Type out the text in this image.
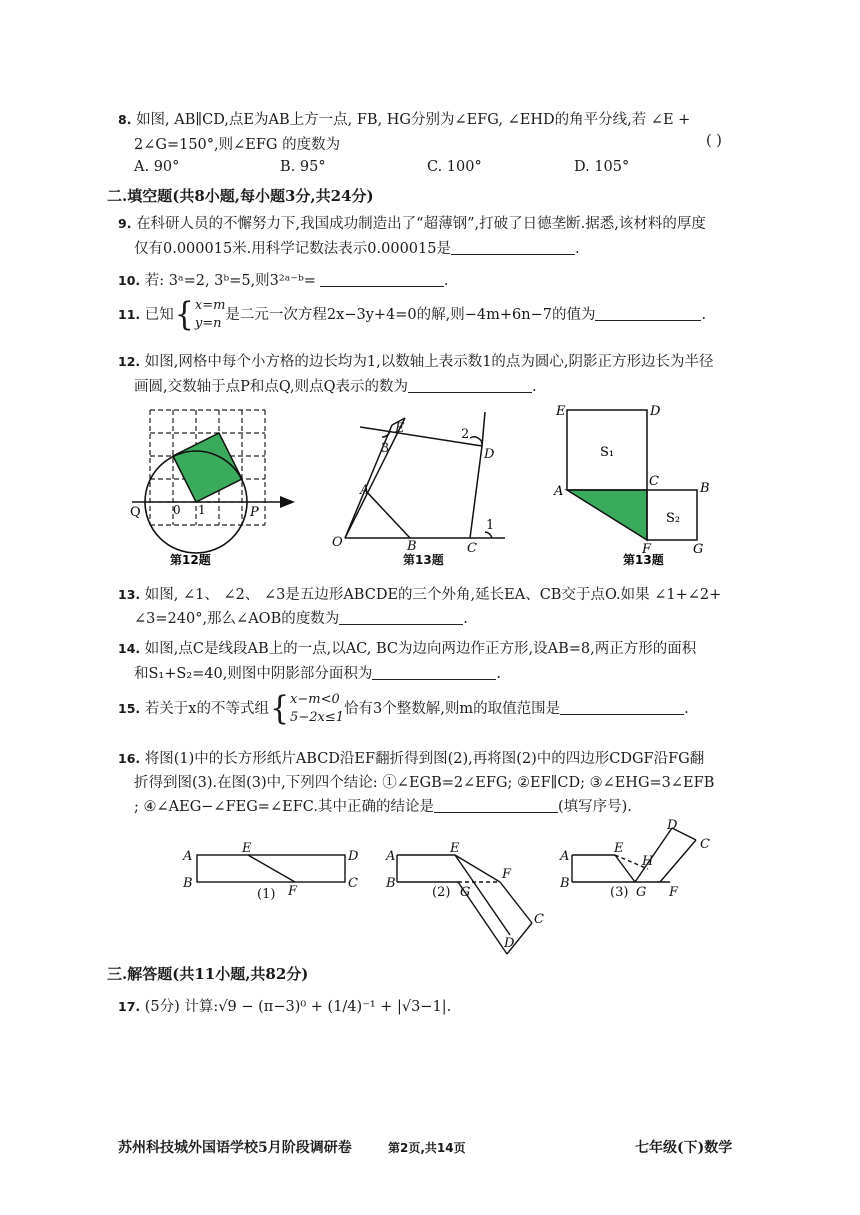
8. 如图, AB∥CD,点E为AB上方一点, FB, HG分别为∠EFG, ∠EHD的角平分线,若 ∠E +
2∠G=150°,则∠EFG 的度数为	( )
A. 90°	B. 95°	C. 100°	D. 105°
二.填空题(共8小题,每小题3分,共24分)
9. 在科研人员的不懈努力下,我国成功制造出了“超薄钢”,打破了日德垄断.据悉,该材料的厚度
仅有0.000015米.用科学记数法表示0.000015是	.
10. 若: 3ᵃ=2, 3ᵇ=5,则3²ᵃ⁻ᵇ=	.
11. 已知{x=m
y=n是二元一次方程2x−3y+4=0的解,则−4m+6n−7的值为	.
12. 如图,网格中每个小方格的边长均为1,以数轴上表示数1的点为圆心,阴影正方形边长为半径
画圆,交数轴于点P和点Q,则点Q表示的数为	.
Q	0 1	P
第12题
E
3
2
D
A
O	B	C
1
第13题
E	D
S₁
A
C	B
S₂
F	G
第13题
13. 如图, ∠1、 ∠2、 ∠3是五边形ABCDE的三个外角,延长EA、CB交于点O.如果 ∠1+∠2+
∠3=240°,那么∠AOB的度数为	.
14. 如图,点C是线段AB上的一点,以AC, BC为边向两边作正方形,设AB=8,两正方形的面积
和S₁+S₂=40,则图中阴影部分面积为	.
15. 若关于x的不等式组{x−m<0
5−2x≤1恰有3个整数解,则m的取值范围是	.
16. 将图(1)中的长方形纸片ABCD沿EF翻折得到图(2),再将图(2)中的四边形CDGF沿FG翻
折得到图(3).在图(3)中,下列四个结论: ①∠EGB=2∠EFG; ②EF∥CD; ③∠EHG=3∠EFB
; ④∠AEG−∠FEG=∠EFC.其中正确的结论是	(填写序号).
A
B
E
D
C
F
(1)
A
B
E
F
(2) G
C
D
A
B
E
H
D
C
(3) G F
三.解答题(共11小题,共82分)
17. (5分) 计算:√9 − (π−3)⁰ + (1/4)⁻¹ + |√3−1|.
苏州科技城外国语学校5月阶段调研卷	第2页,共14页	七年级(下)数学
